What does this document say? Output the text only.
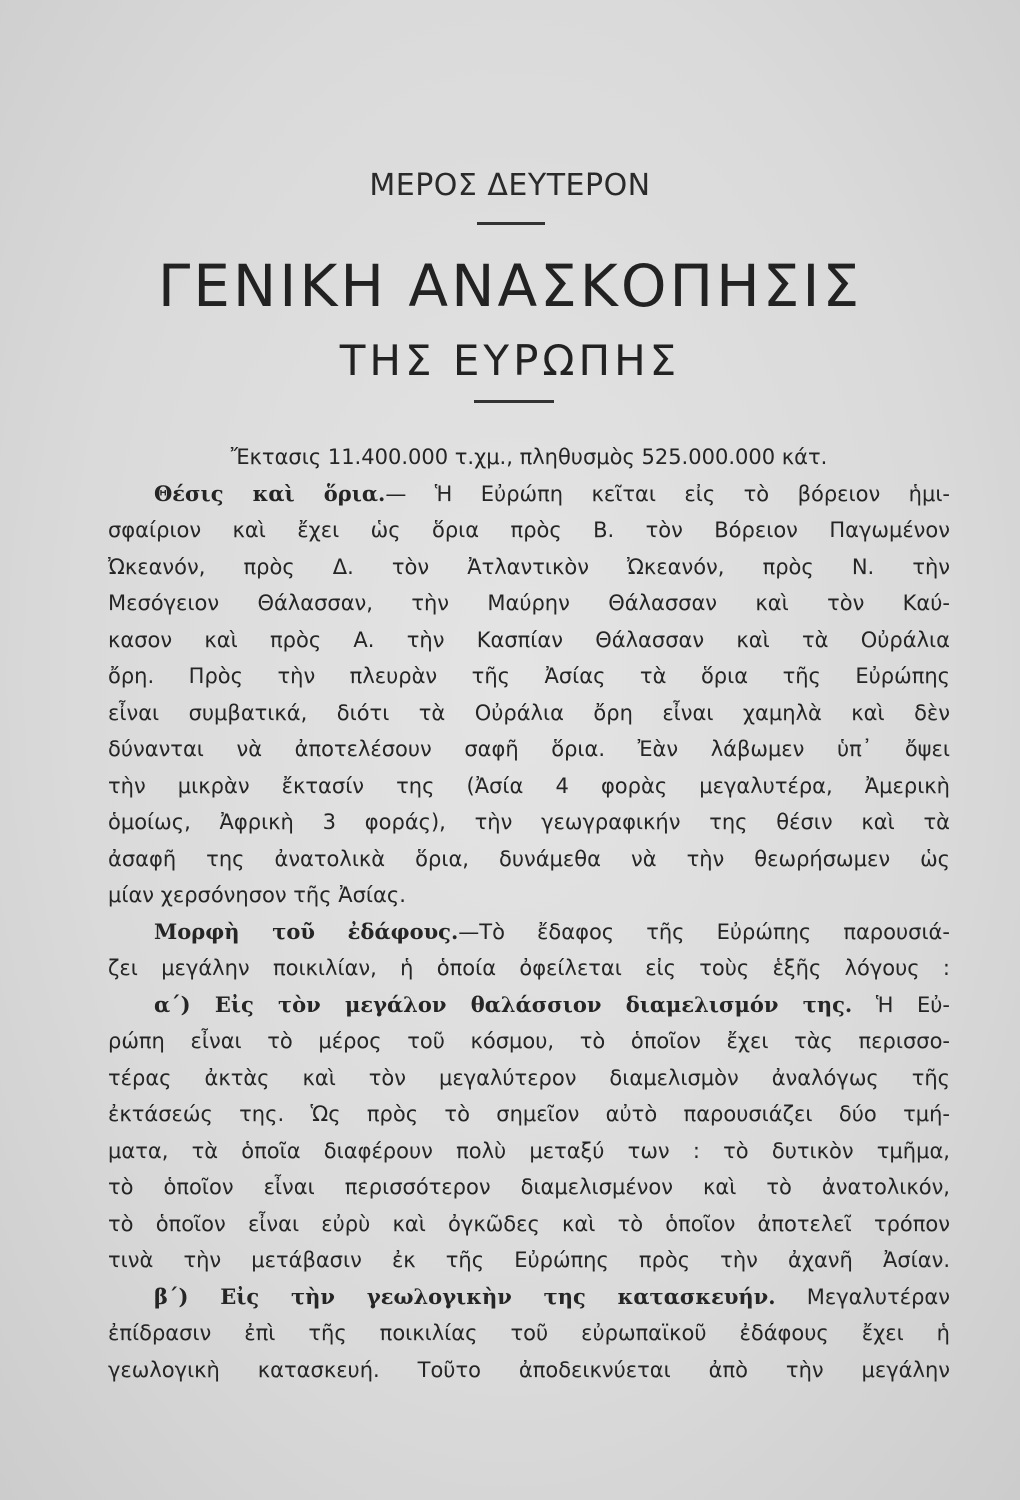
ΜΕΡΟΣ ΔΕΥΤΕΡΟΝ
ΓΕΝΙΚΗ ΑΝΑΣΚΟΠΗΣΙΣ
ΤΗΣ ΕΥΡΩΠΗΣ
Ἔκτασις 11.400.000 τ.χμ., πληθυσμὸς 525.000.000 κάτ.
Θέσις καὶ ὅρια.— Ἡ Εὐρώπη κεῖται εἰς τὸ βόρειον ἡμι-
σφαίριον καὶ ἔχει ὡς ὅρια πρὸς Β. τὸν Βόρειον Παγωμένον
Ὠκεανόν, πρὸς Δ. τὸν Ἀτλαντικὸν Ὠκεανόν, πρὸς Ν. τὴν
Μεσόγειον Θάλασσαν, τὴν Μαύρην Θάλασσαν καὶ τὸν Καύ-
κασον καὶ πρὸς Α. τὴν Κασπίαν Θάλασσαν καὶ τὰ Οὐράλια
ὄρη. Πρὸς τὴν πλευρὰν τῆς Ἀσίας τὰ ὅρια τῆς Εὐρώπης
εἶναι συμβατικά, διότι τὰ Οὐράλια ὄρη εἶναι χαμηλὰ καὶ δὲν
δύνανται νὰ ἀποτελέσουν σαφῆ ὅρια. Ἐὰν λάβωμεν ὑπ᾽ ὄψει
τὴν μικρὰν ἔκτασίν της (Ἀσία 4 φορὰς μεγαλυτέρα, Ἀμερικὴ
ὁμοίως, Ἀφρικὴ 3 φοράς), τὴν γεωγραφικήν της θέσιν καὶ τὰ
ἀσαφῆ της ἀνατολικὰ ὅρια, δυνάμεθα νὰ τὴν θεωρήσωμεν ὡς
μίαν χερσόνησον τῆς Ἀσίας.
Μορφὴ τοῦ ἐδάφους.—Τὸ ἔδαφος τῆς Εὐρώπης παρουσιά-
ζει μεγάλην ποικιλίαν, ἡ ὁποία ὀφείλεται εἰς τοὺς ἑξῆς λόγους :
α΄) Εἰς τὸν μεγάλον θαλάσσιον διαμελισμόν της. Ἡ Εὐ-
ρώπη εἶναι τὸ μέρος τοῦ κόσμου, τὸ ὁποῖον ἔχει τὰς περισσο-
τέρας ἀκτὰς καὶ τὸν μεγαλύτερον διαμελισμὸν ἀναλόγως τῆς
ἐκτάσεώς της. Ὡς πρὸς τὸ σημεῖον αὐτὸ παρουσιάζει δύο τμή-
ματα, τὰ ὁποῖα διαφέρουν πολὺ μεταξύ των : τὸ δυτικὸν τμῆμα,
τὸ ὁποῖον εἶναι περισσότερον διαμελισμένον καὶ τὸ ἀνατολικόν,
τὸ ὁποῖον εἶναι εὐρὺ καὶ ὀγκῶδες καὶ τὸ ὁποῖον ἀποτελεῖ τρόπον
τινὰ τὴν μετάβασιν ἐκ τῆς Εὐρώπης πρὸς τὴν ἀχανῆ Ἀσίαν.
β΄) Εἰς τὴν γεωλογικὴν της κατασκευήν. Μεγαλυτέραν
ἐπίδρασιν ἐπὶ τῆς ποικιλίας τοῦ εὐρωπαϊκοῦ ἐδάφους ἔχει ἡ
γεωλογικὴ κατασκευή. Τοῦτο ἀποδεικνύεται ἀπὸ τὴν μεγάλην
